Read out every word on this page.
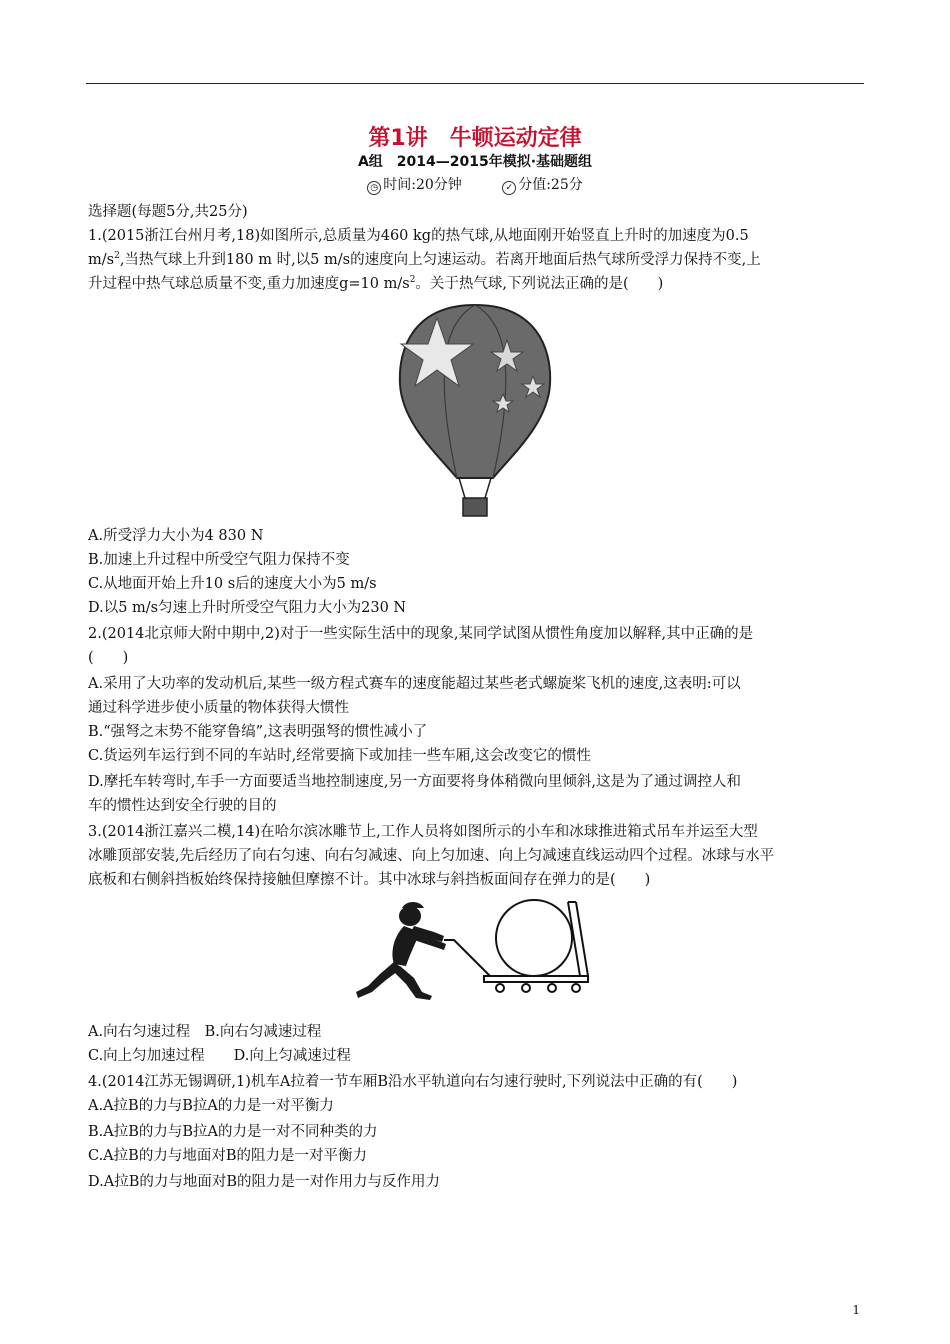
第1讲　牛顿运动定律
A组　2014—2015年模拟·基础题组
◷ 时间:20分钟	✓ 分值:25分
选择题(每题5分,共25分)
1.(2015浙江台州月考,18)如图所示,总质量为460 kg的热气球,从地面刚开始竖直上升时的加速度为0.5
$m/s^2$,当热气球上升到180 m 时,以5 m/s的速度向上匀速运动。若离开地面后热气球所受浮力保持不变,上
升过程中热气球总质量不变,重力加速度g=10 $m/s^2$。关于热气球,下列说法正确的是(　　)
A.所受浮力大小为4 830 N
B.加速上升过程中所受空气阻力保持不变
C.从地面开始上升10 s后的速度大小为5 m/s
D.以5 m/s匀速上升时所受空气阻力大小为230 N
2.(2014北京师大附中期中,2)对于一些实际生活中的现象,某同学试图从惯性角度加以解释,其中正确的是
(　　)
A.采用了大功率的发动机后,某些一级方程式赛车的速度能超过某些老式螺旋桨飞机的速度,这表明:可以
通过科学进步使小质量的物体获得大惯性
B.“强弩之末势不能穿鲁缟”,这表明强弩的惯性减小了
C.货运列车运行到不同的车站时,经常要摘下或加挂一些车厢,这会改变它的惯性
D.摩托车转弯时,车手一方面要适当地控制速度,另一方面要将身体稍微向里倾斜,这是为了通过调控人和
车的惯性达到安全行驶的目的
3.(2014浙江嘉兴二模,14)在哈尔滨冰雕节上,工作人员将如图所示的小车和冰球推进箱式吊车并运至大型
冰雕顶部安装,先后经历了向右匀速、向右匀减速、向上匀加速、向上匀减速直线运动四个过程。冰球与水平
底板和右侧斜挡板始终保持接触但摩擦不计。其中冰球与斜挡板面间存在弹力的是(　　)
A.向右匀速过程　B.向右匀减速过程
C.向上匀加速过程　　D.向上匀减速过程
4.(2014江苏无锡调研,1)机车A拉着一节车厢B沿水平轨道向右匀速行驶时,下列说法中正确的有(　　)
A.A拉B的力与B拉A的力是一对平衡力
B.A拉B的力与B拉A的力是一对不同种类的力
C.A拉B的力与地面对B的阻力是一对平衡力
D.A拉B的力与地面对B的阻力是一对作用力与反作用力
1
